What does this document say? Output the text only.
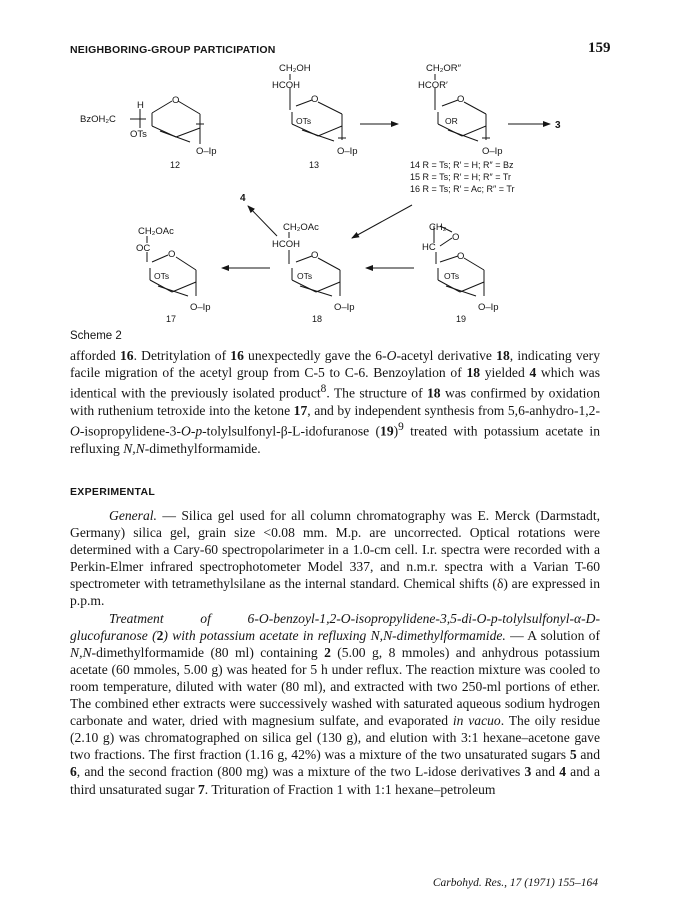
NEIGHBORING-GROUP PARTICIPATION	159
BzOH₂C
H	O
OTs
O–Ip
12
CH₂OH
HCOH
O
OTs
O–Ip
13
CH₂OR″
HCOR′
O
OR
O–Ip
14 R = Ts; R′ = H; R″ = Bz
15 R = Ts; R′ = H; R″ = Tr
16 R = Ts; R′ = Ac; R″ = Tr
3
4
CH₂OAc
OC
O
OTs
O–Ip
17
CH₂OAc
HCOH
O
OTs
O–Ip
18
CH₂
O
HC
O
OTs
O–Ip
19
Scheme 2
afforded 16. Detritylation of 16 unexpectedly gave the 6-O-acetyl derivative 18, indicating very facile migration of the acetyl group from C-5 to C-6. Benzoylation of 18 yielded 4 which was identical with the previously isolated product$^8$. The structure of 18 was confirmed by oxidation with ruthenium tetroxide into the ketone 17, and by independent synthesis from 5,6-anhydro-1,2-O-isopropylidene-3-O-p-tolylsulfonyl-β-L-idofuranose $(19)^9$ treated with potassium acetate in refluxing N,N-dimethylformamide.
EXPERIMENTAL
General. — Silica gel used for all column chromatography was E. Merck (Darmstadt, Germany) silica gel, grain size <0.08 mm. M.p. are uncorrected. Optical rotations were determined with a Cary-60 spectropolarimeter in a 1.0-cm cell. I.r. spectra were recorded with a Perkin-Elmer infrared spectrophotometer Model 337, and n.m.r. spectra with a Varian T-60 spectrometer with tetramethylsilane as the internal standard. Chemical shifts (δ) are expressed in p.p.m.
Treatment of 6-O-benzoyl-1,2-O-isopropylidene-3,5-di-O-p-tolylsulfonyl-α-D-glucofuranose (2) with potassium acetate in refluxing N,N-dimethylformamide. — A solution of N,N-dimethylformamide (80 ml) containing 2 (5.00 g, 8 mmoles) and anhydrous potassium acetate (60 mmoles, 5.00 g) was heated for 5 h under reflux. The reaction mixture was cooled to room temperature, diluted with water (80 ml), and extracted with two 250-ml portions of ether. The combined ether extracts were successively washed with saturated aqueous sodium hydrogen carbonate and water, dried with magnesium sulfate, and evaporated in vacuo. The oily residue (2.10 g) was chromatographed on silica gel (130 g), and elution with 3:1 hexane–acetone gave two fractions. The first fraction (1.16 g, 42%) was a mixture of the two unsaturated sugars 5 and 6, and the second fraction (800 mg) was a mixture of the two L-idose derivatives 3 and 4 and a third unsaturated sugar 7. Trituration of Fraction 1 with 1:1 hexane–petroleum
Carbohyd. Res., 17 (1971) 155–164
